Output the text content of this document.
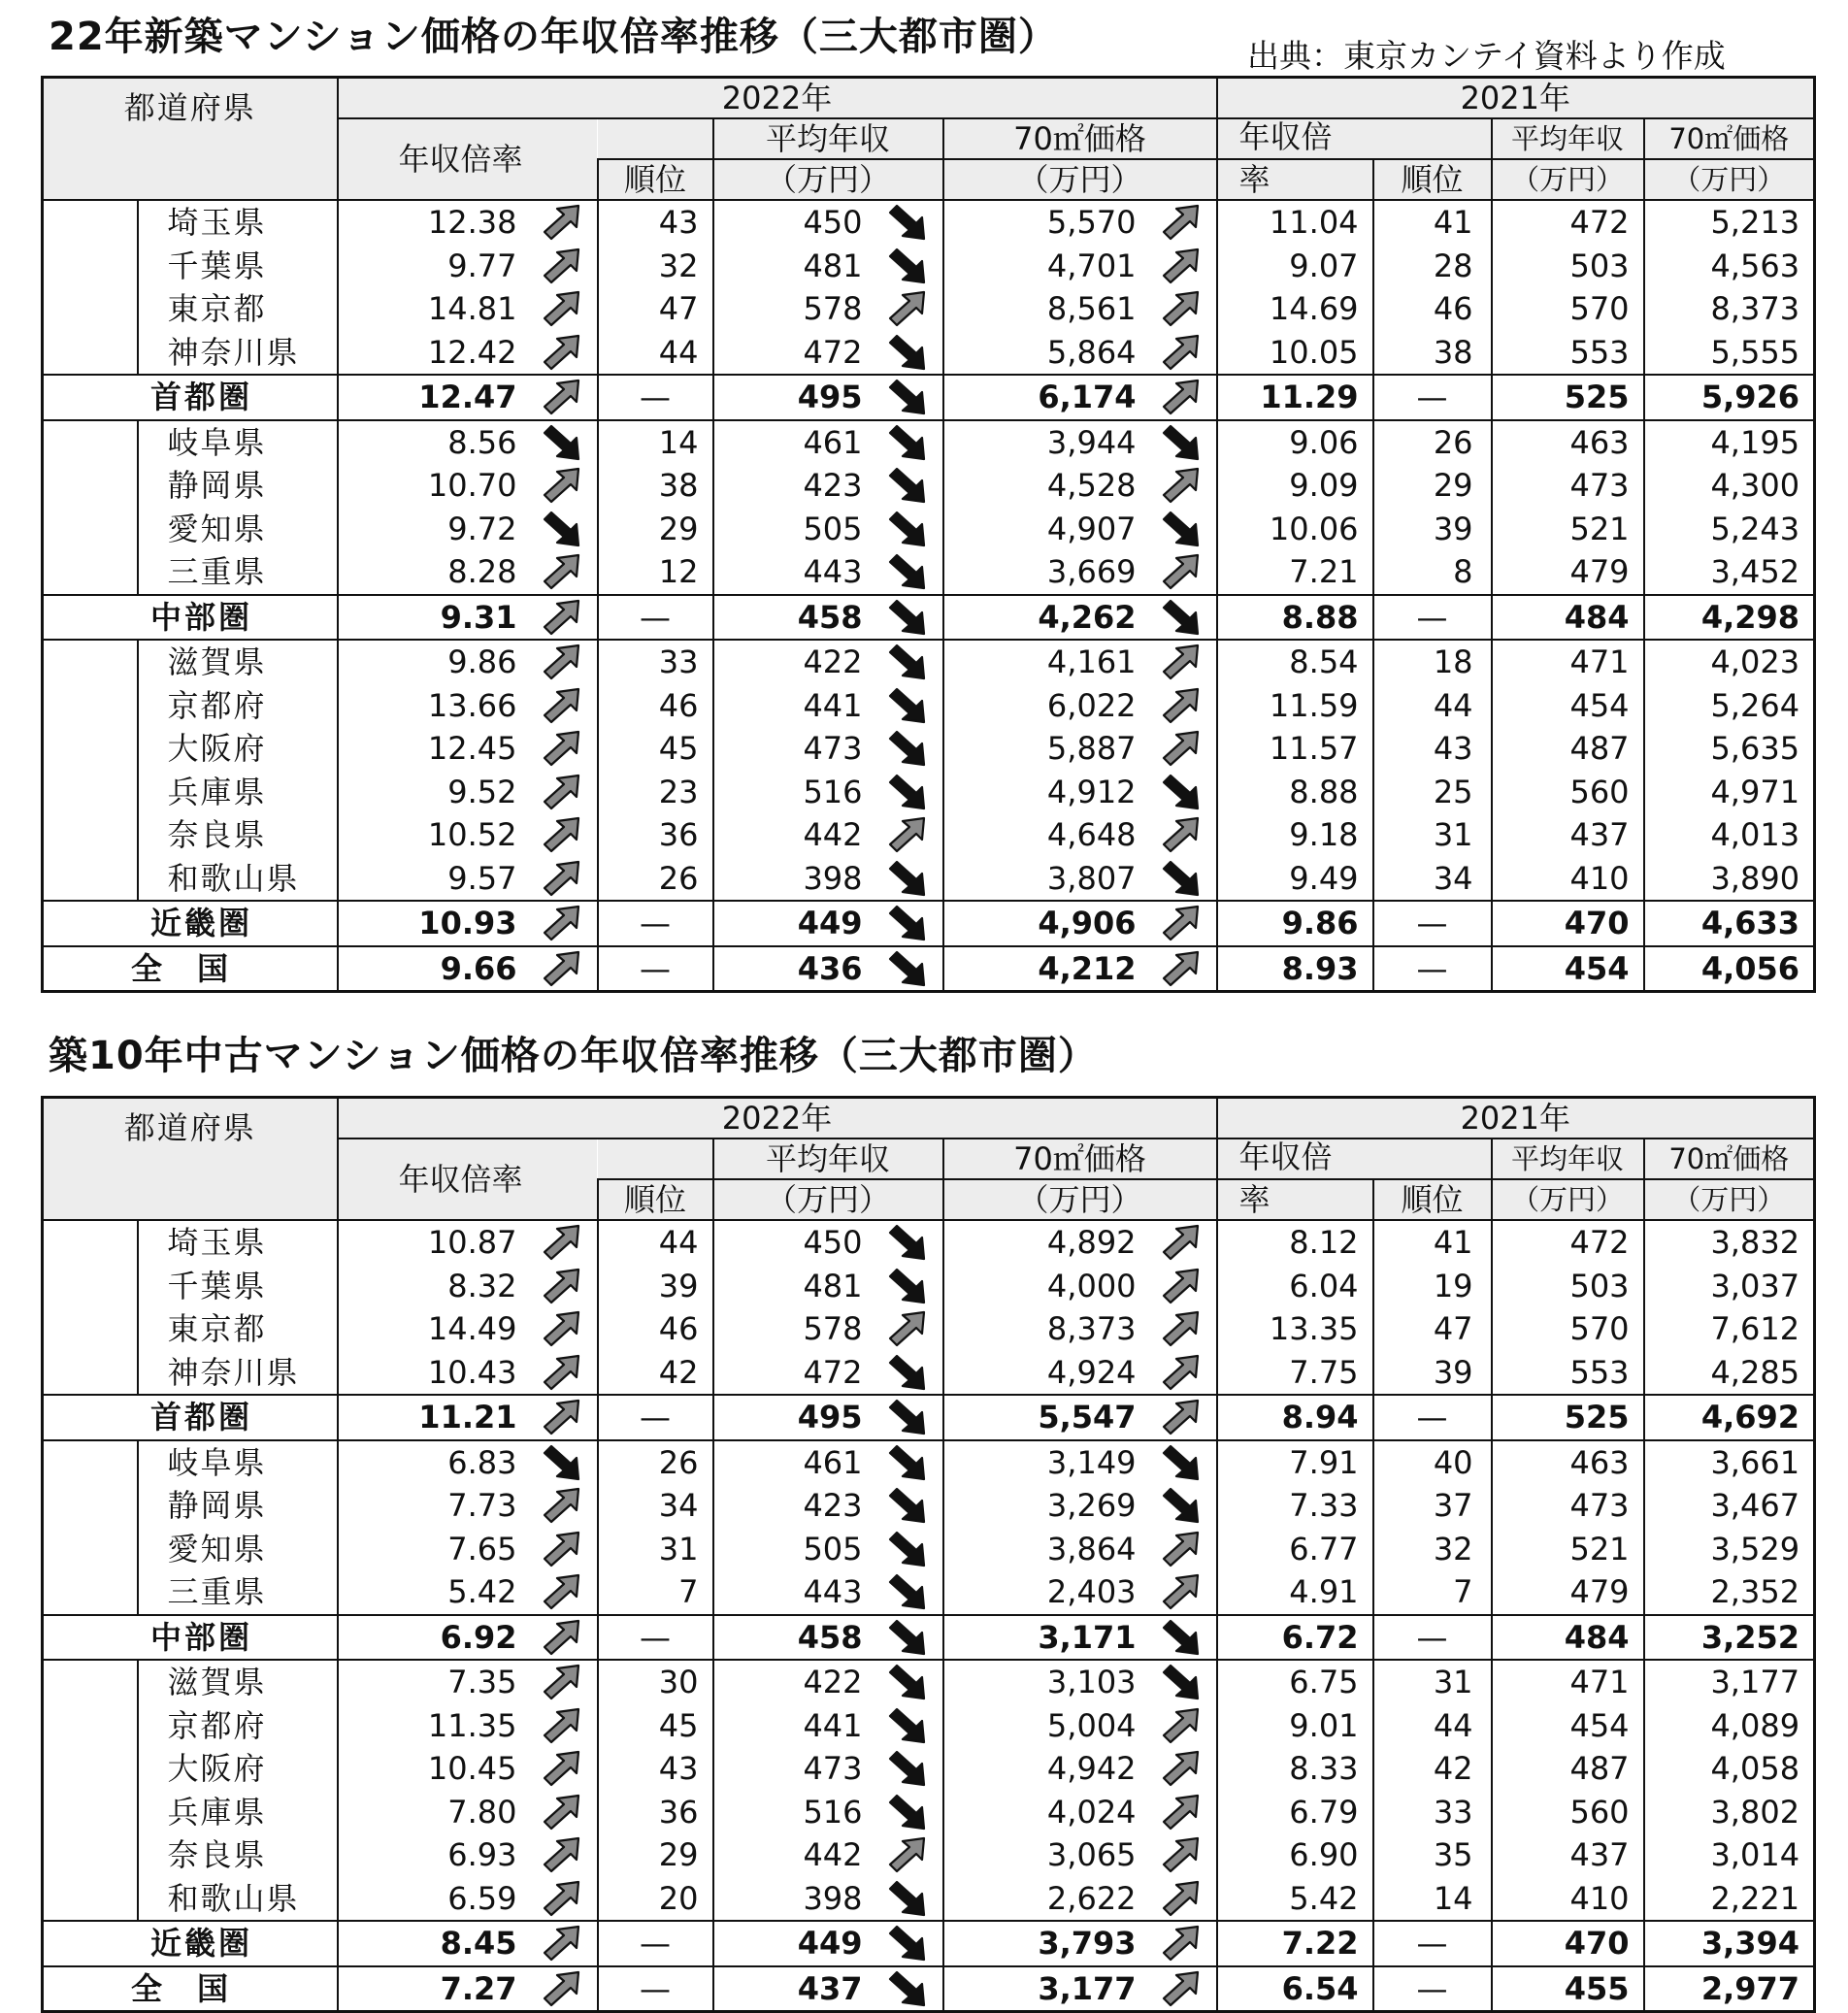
22年新築マンション価格の年収倍率推移（三大都市圏）	出典：東京カンテイ資料より作成
都道府県		2022年				2021年			
		年収倍率		平均年収	70㎡価格	年収倍		平均年収	70㎡価格
			順位	（万円）	（万円）	率	順位	（万円）	（万円）
	埼玉県	12.38	43	450	5,570	11.04	41	472	5,213
	千葉県	9.77	32	481	4,701	9.07	28	503	4,563
	東京都	14.81	47	578	8,561	14.69	46	570	8,373
	神奈川県	12.42	44	472	5,864	10.05	38	553	5,555
首都圏		12.47	—	495	6,174	11.29	—	525	5,926
	岐阜県	8.56	14	461	3,944	9.06	26	463	4,195
	静岡県	10.70	38	423	4,528	9.09	29	473	4,300
	愛知県	9.72	29	505	4,907	10.06	39	521	5,243
	三重県	8.28	12	443	3,669	7.21	8	479	3,452
中部圏		9.31	—	458	4,262	8.88	—	484	4,298
	滋賀県	9.86	33	422	4,161	8.54	18	471	4,023
	京都府	13.66	46	441	6,022	11.59	44	454	5,264
	大阪府	12.45	45	473	5,887	11.57	43	487	5,635
	兵庫県	9.52	23	516	4,912	8.88	25	560	4,971
	奈良県	10.52	36	442	4,648	9.18	31	437	4,013
	和歌山県	9.57	26	398	3,807	9.49	34	410	3,890
近畿圏		10.93	—	449	4,906	9.86	—	470	4,633
全国		9.66	—	436	4,212	8.93	—	454	4,056
築10年中古マンション価格の年収倍率推移（三大都市圏）
都道府県		2022年				2021年			
		年収倍率		平均年収	70㎡価格	年収倍		平均年収	70㎡価格
			順位	（万円）	（万円）	率	順位	（万円）	（万円）
	埼玉県	10.87	44	450	4,892	8.12	41	472	3,832
	千葉県	8.32	39	481	4,000	6.04	19	503	3,037
	東京都	14.49	46	578	8,373	13.35	47	570	7,612
	神奈川県	10.43	42	472	4,924	7.75	39	553	4,285
首都圏		11.21	—	495	5,547	8.94	—	525	4,692
	岐阜県	6.83	26	461	3,149	7.91	40	463	3,661
	静岡県	7.73	34	423	3,269	7.33	37	473	3,467
	愛知県	7.65	31	505	3,864	6.77	32	521	3,529
	三重県	5.42	7	443	2,403	4.91	7	479	2,352
中部圏		6.92	—	458	3,171	6.72	—	484	3,252
	滋賀県	7.35	30	422	3,103	6.75	31	471	3,177
	京都府	11.35	45	441	5,004	9.01	44	454	4,089
	大阪府	10.45	43	473	4,942	8.33	42	487	4,058
	兵庫県	7.80	36	516	4,024	6.79	33	560	3,802
	奈良県	6.93	29	442	3,065	6.90	35	437	3,014
	和歌山県	6.59	20	398	2,622	5.42	14	410	2,221
近畿圏		8.45	—	449	3,793	7.22	—	470	3,394
全国		7.27	—	437	3,177	6.54	—	455	2,977
